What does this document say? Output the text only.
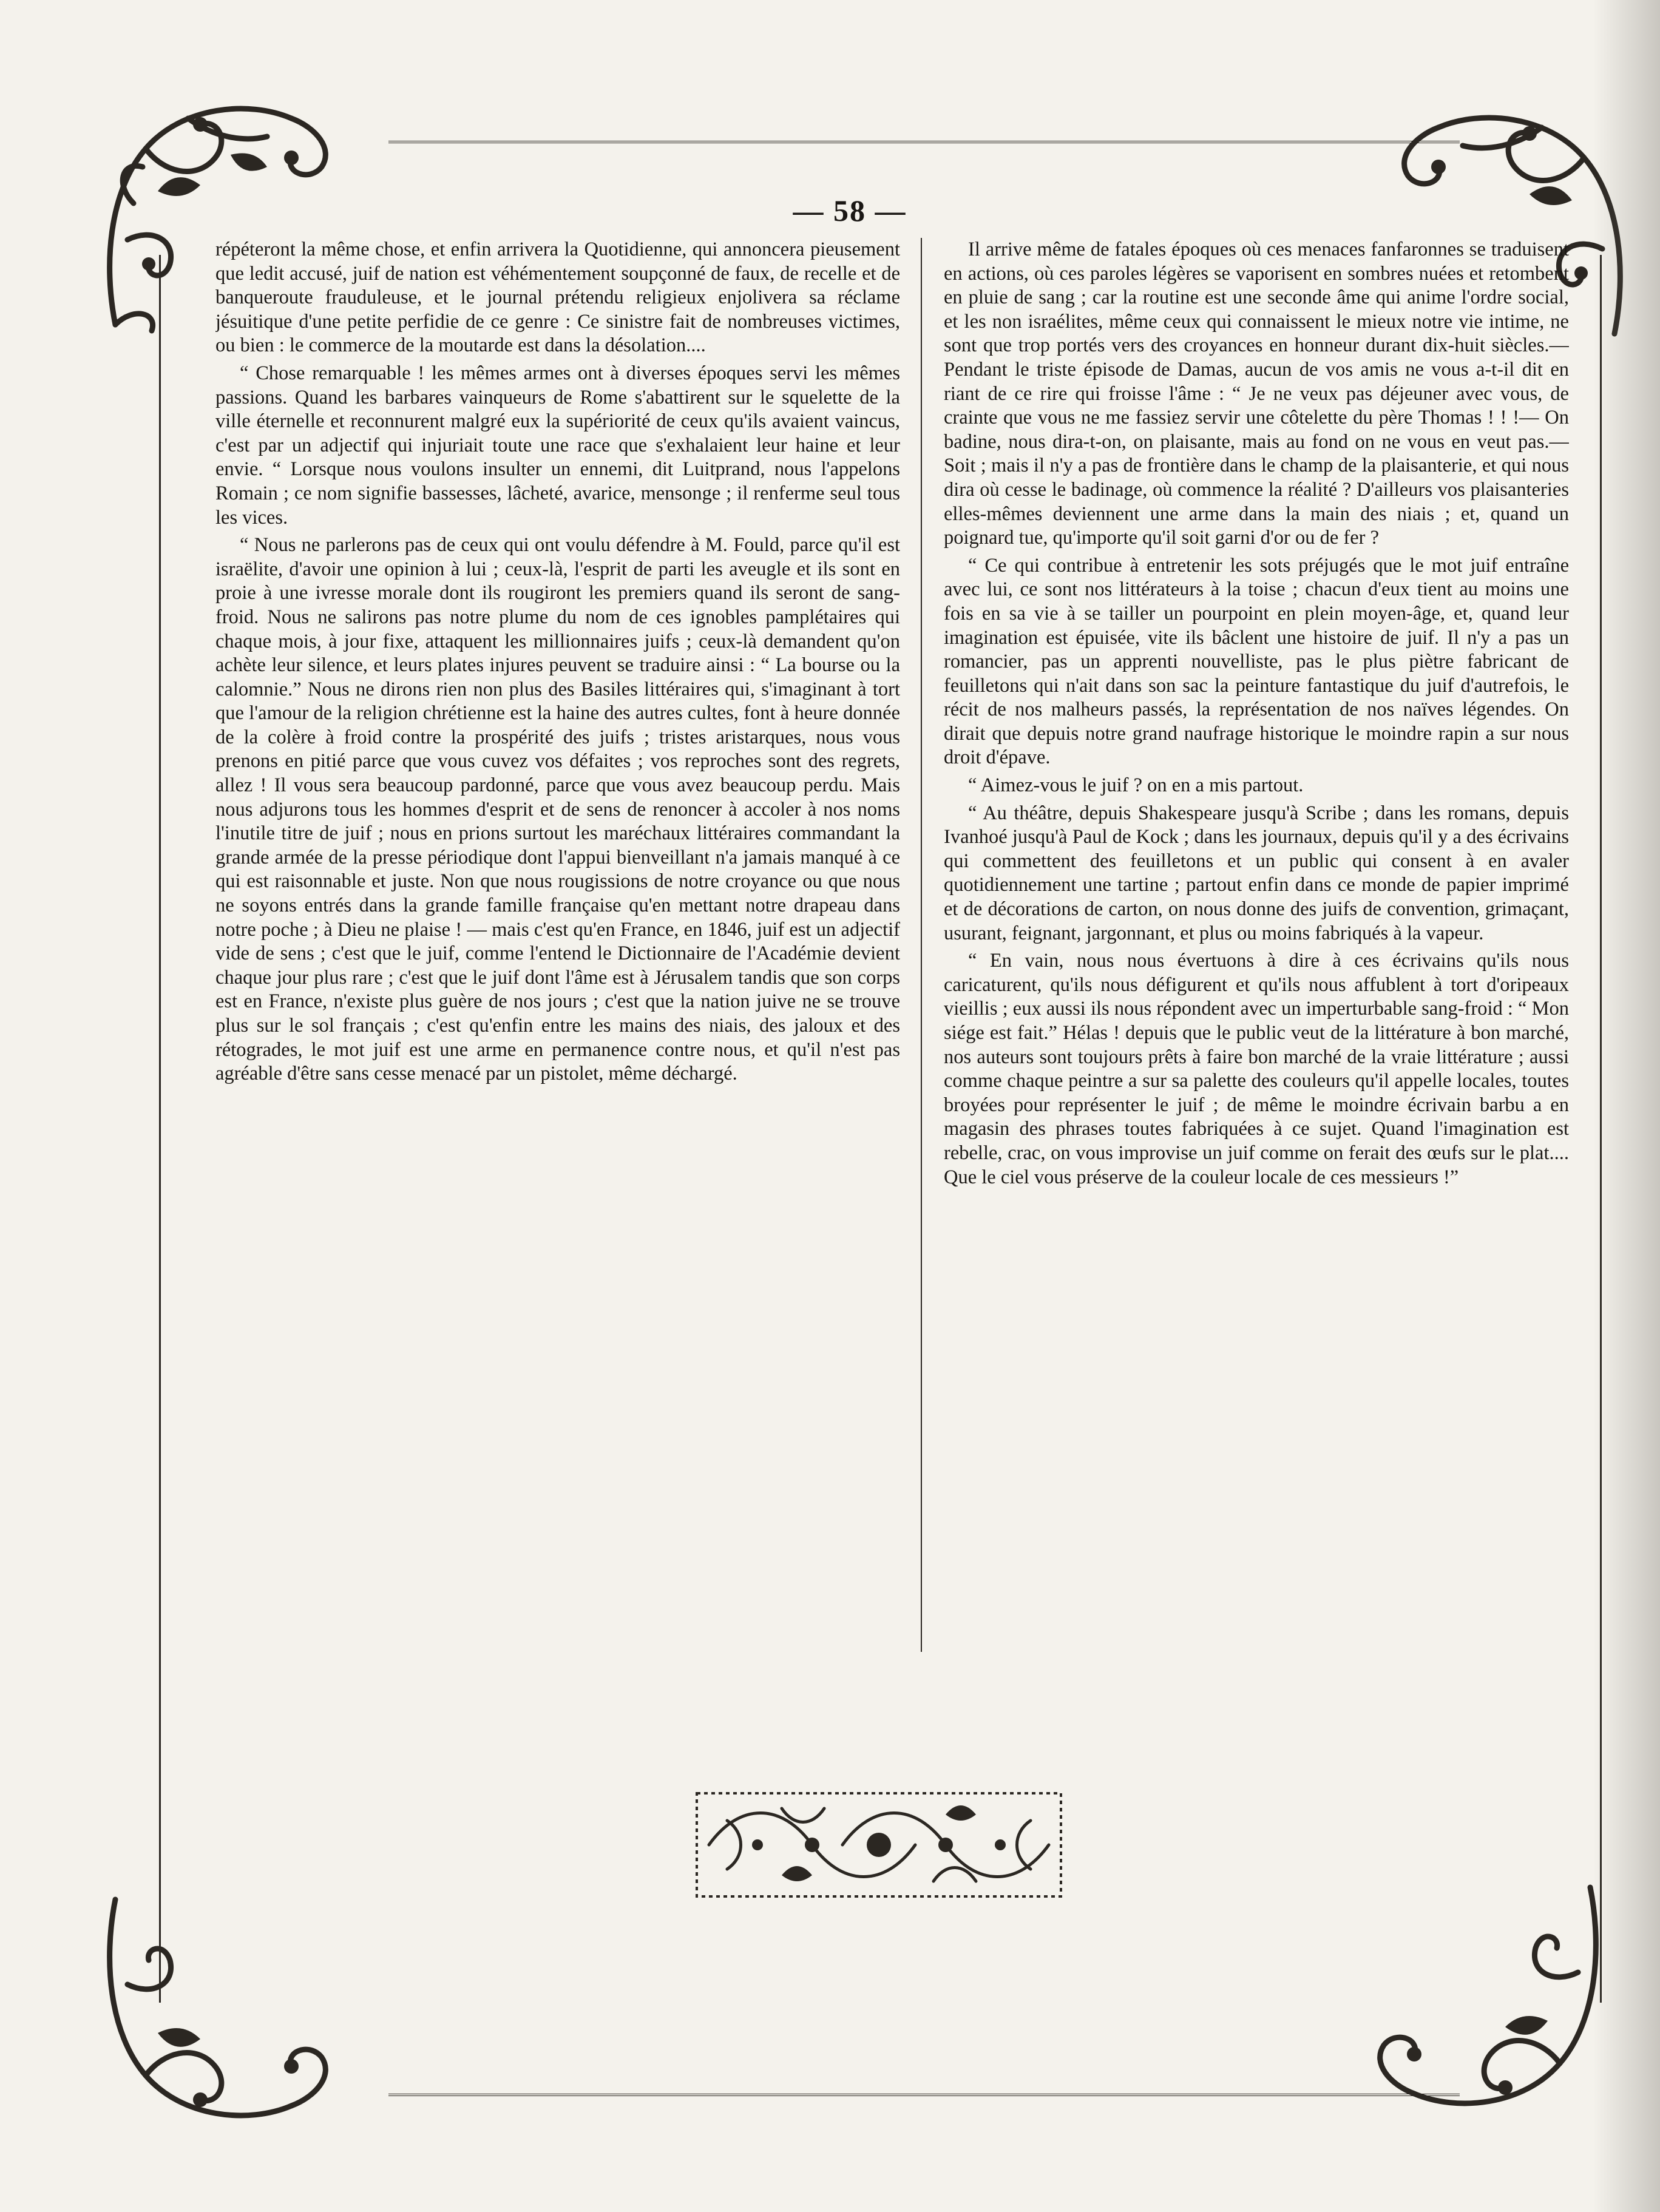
— 58 —

répéteront la même chose, et enfin arrivera la Quotidienne, qui annoncera pieusement que ledit accusé, juif de nation est véhémentement soupçonné de faux, de recelle et de banqueroute frauduleuse, et le journal prétendu religieux enjolivera sa réclame jésuitique d'une petite perfidie de ce genre : Ce sinistre fait de nombreuses victimes, ou bien : le commerce de la moutarde est dans la désolation....

“ Chose remarquable ! les mêmes armes ont à diverses époques servi les mêmes passions. Quand les barbares vainqueurs de Rome s'abattirent sur le squelette de la ville éternelle et reconnurent malgré eux la supériorité de ceux qu'ils avaient vaincus, c'est par un adjectif qui injuriait toute une race que s'exhalaient leur haine et leur envie. “ Lorsque nous voulons insulter un ennemi, dit Luitprand, nous l'appelons Romain ; ce nom signifie bassesses, lâcheté, avarice, mensonge ; il renferme seul tous les vices.

“ Nous ne parlerons pas de ceux qui ont voulu défendre à M. Fould, parce qu'il est israëlite, d'avoir une opinion à lui ; ceux-là, l'esprit de parti les aveugle et ils sont en proie à une ivresse morale dont ils rougiront les premiers quand ils seront de sang-froid. Nous ne salirons pas notre plume du nom de ces ignobles pamplétaires qui chaque mois, à jour fixe, attaquent les millionnaires juifs ; ceux-là demandent qu'on achète leur silence, et leurs plates injures peuvent se traduire ainsi : “ La bourse ou la calomnie.” Nous ne dirons rien non plus des Basiles littéraires qui, s'imaginant à tort que l'amour de la religion chrétienne est la haine des autres cultes, font à heure donnée de la colère à froid contre la prospérité des juifs ; tristes aristarques, nous vous prenons en pitié parce que vous cuvez vos défaites ; vos reproches sont des regrets, allez ! Il vous sera beaucoup pardonné, parce que vous avez beaucoup perdu. Mais nous adjurons tous les hommes d'esprit et de sens de renoncer à accoler à nos noms l'inutile titre de juif ; nous en prions surtout les maréchaux littéraires commandant la grande armée de la presse périodique dont l'appui bienveillant n'a jamais manqué à ce qui est raisonnable et juste. Non que nous rougissions de notre croyance ou que nous ne soyons entrés dans la grande famille française qu'en mettant notre drapeau dans notre poche ; à Dieu ne plaise ! — mais c'est qu'en France, en 1846, juif est un adjectif vide de sens ; c'est que le juif, comme l'entend le Dictionnaire de l'Académie devient chaque jour plus rare ; c'est que le juif dont l'âme est à Jérusalem tandis que son corps est en France, n'existe plus guère de nos jours ; c'est que la nation juive ne se trouve plus sur le sol français ; c'est qu'enfin entre les mains des niais, des jaloux et des rétogrades, le mot juif est une arme en permanence contre nous, et qu'il n'est pas agréable d'être sans cesse menacé par un pistolet, même déchargé.

Il arrive même de fatales époques où ces menaces fanfaronnes se traduisent en actions, où ces paroles légères se vaporisent en sombres nuées et retombent en pluie de sang ; car la routine est une seconde âme qui anime l'ordre social, et les non israélites, même ceux qui connaissent le mieux notre vie intime, ne sont que trop portés vers des croyances en honneur durant dix-huit siècles.— Pendant le triste épisode de Damas, aucun de vos amis ne vous a-t-il dit en riant de ce rire qui froisse l'âme : “ Je ne veux pas déjeuner avec vous, de crainte que vous ne me fassiez servir une côtelette du père Thomas ! ! !— On badine, nous dira-t-on, on plaisante, mais au fond on ne vous en veut pas.— Soit ; mais il n'y a pas de frontière dans le champ de la plaisanterie, et qui nous dira où cesse le badinage, où commence la réalité ? D'ailleurs vos plaisanteries elles-mêmes deviennent une arme dans la main des niais ; et, quand un poignard tue, qu'importe qu'il soit garni d'or ou de fer ?

“ Ce qui contribue à entretenir les sots préjugés que le mot juif entraîne avec lui, ce sont nos littérateurs à la toise ; chacun d'eux tient au moins une fois en sa vie à se tailler un pourpoint en plein moyen-âge, et, quand leur imagination est épuisée, vite ils bâclent une histoire de juif. Il n'y a pas un romancier, pas un apprenti nouvelliste, pas le plus piètre fabricant de feuilletons qui n'ait dans son sac la peinture fantastique du juif d'autrefois, le récit de nos malheurs passés, la représentation de nos naïves légendes. On dirait que depuis notre grand naufrage historique le moindre rapin a sur nous droit d'épave.

“ Aimez-vous le juif ? on en a mis partout.

“ Au théâtre, depuis Shakespeare jusqu'à Scribe ; dans les romans, depuis Ivanhoé jusqu'à Paul de Kock ; dans les journaux, depuis qu'il y a des écrivains qui commettent des feuilletons et un public qui consent à en avaler quotidiennement une tartine ; partout enfin dans ce monde de papier imprimé et de décorations de carton, on nous donne des juifs de convention, grimaçant, usurant, feignant, jargonnant, et plus ou moins fabriqués à la vapeur.

“ En vain, nous nous évertuons à dire à ces écrivains qu'ils nous caricaturent, qu'ils nous défigurent et qu'ils nous affublent à tort d'oripeaux vieillis ; eux aussi ils nous répondent avec un imperturbable sang-froid : “ Mon siége est fait.” Hélas ! depuis que le public veut de la littérature à bon marché, nos auteurs sont toujours prêts à faire bon marché de la vraie littérature ; aussi comme chaque peintre a sur sa palette des couleurs qu'il appelle locales, toutes broyées pour représenter le juif ; de même le moindre écrivain barbu a en magasin des phrases toutes fabriquées à ce sujet. Quand l'imagination est rebelle, crac, on vous improvise un juif comme on ferait des œufs sur le plat.... Que le ciel vous préserve de la couleur locale de ces messieurs !”
